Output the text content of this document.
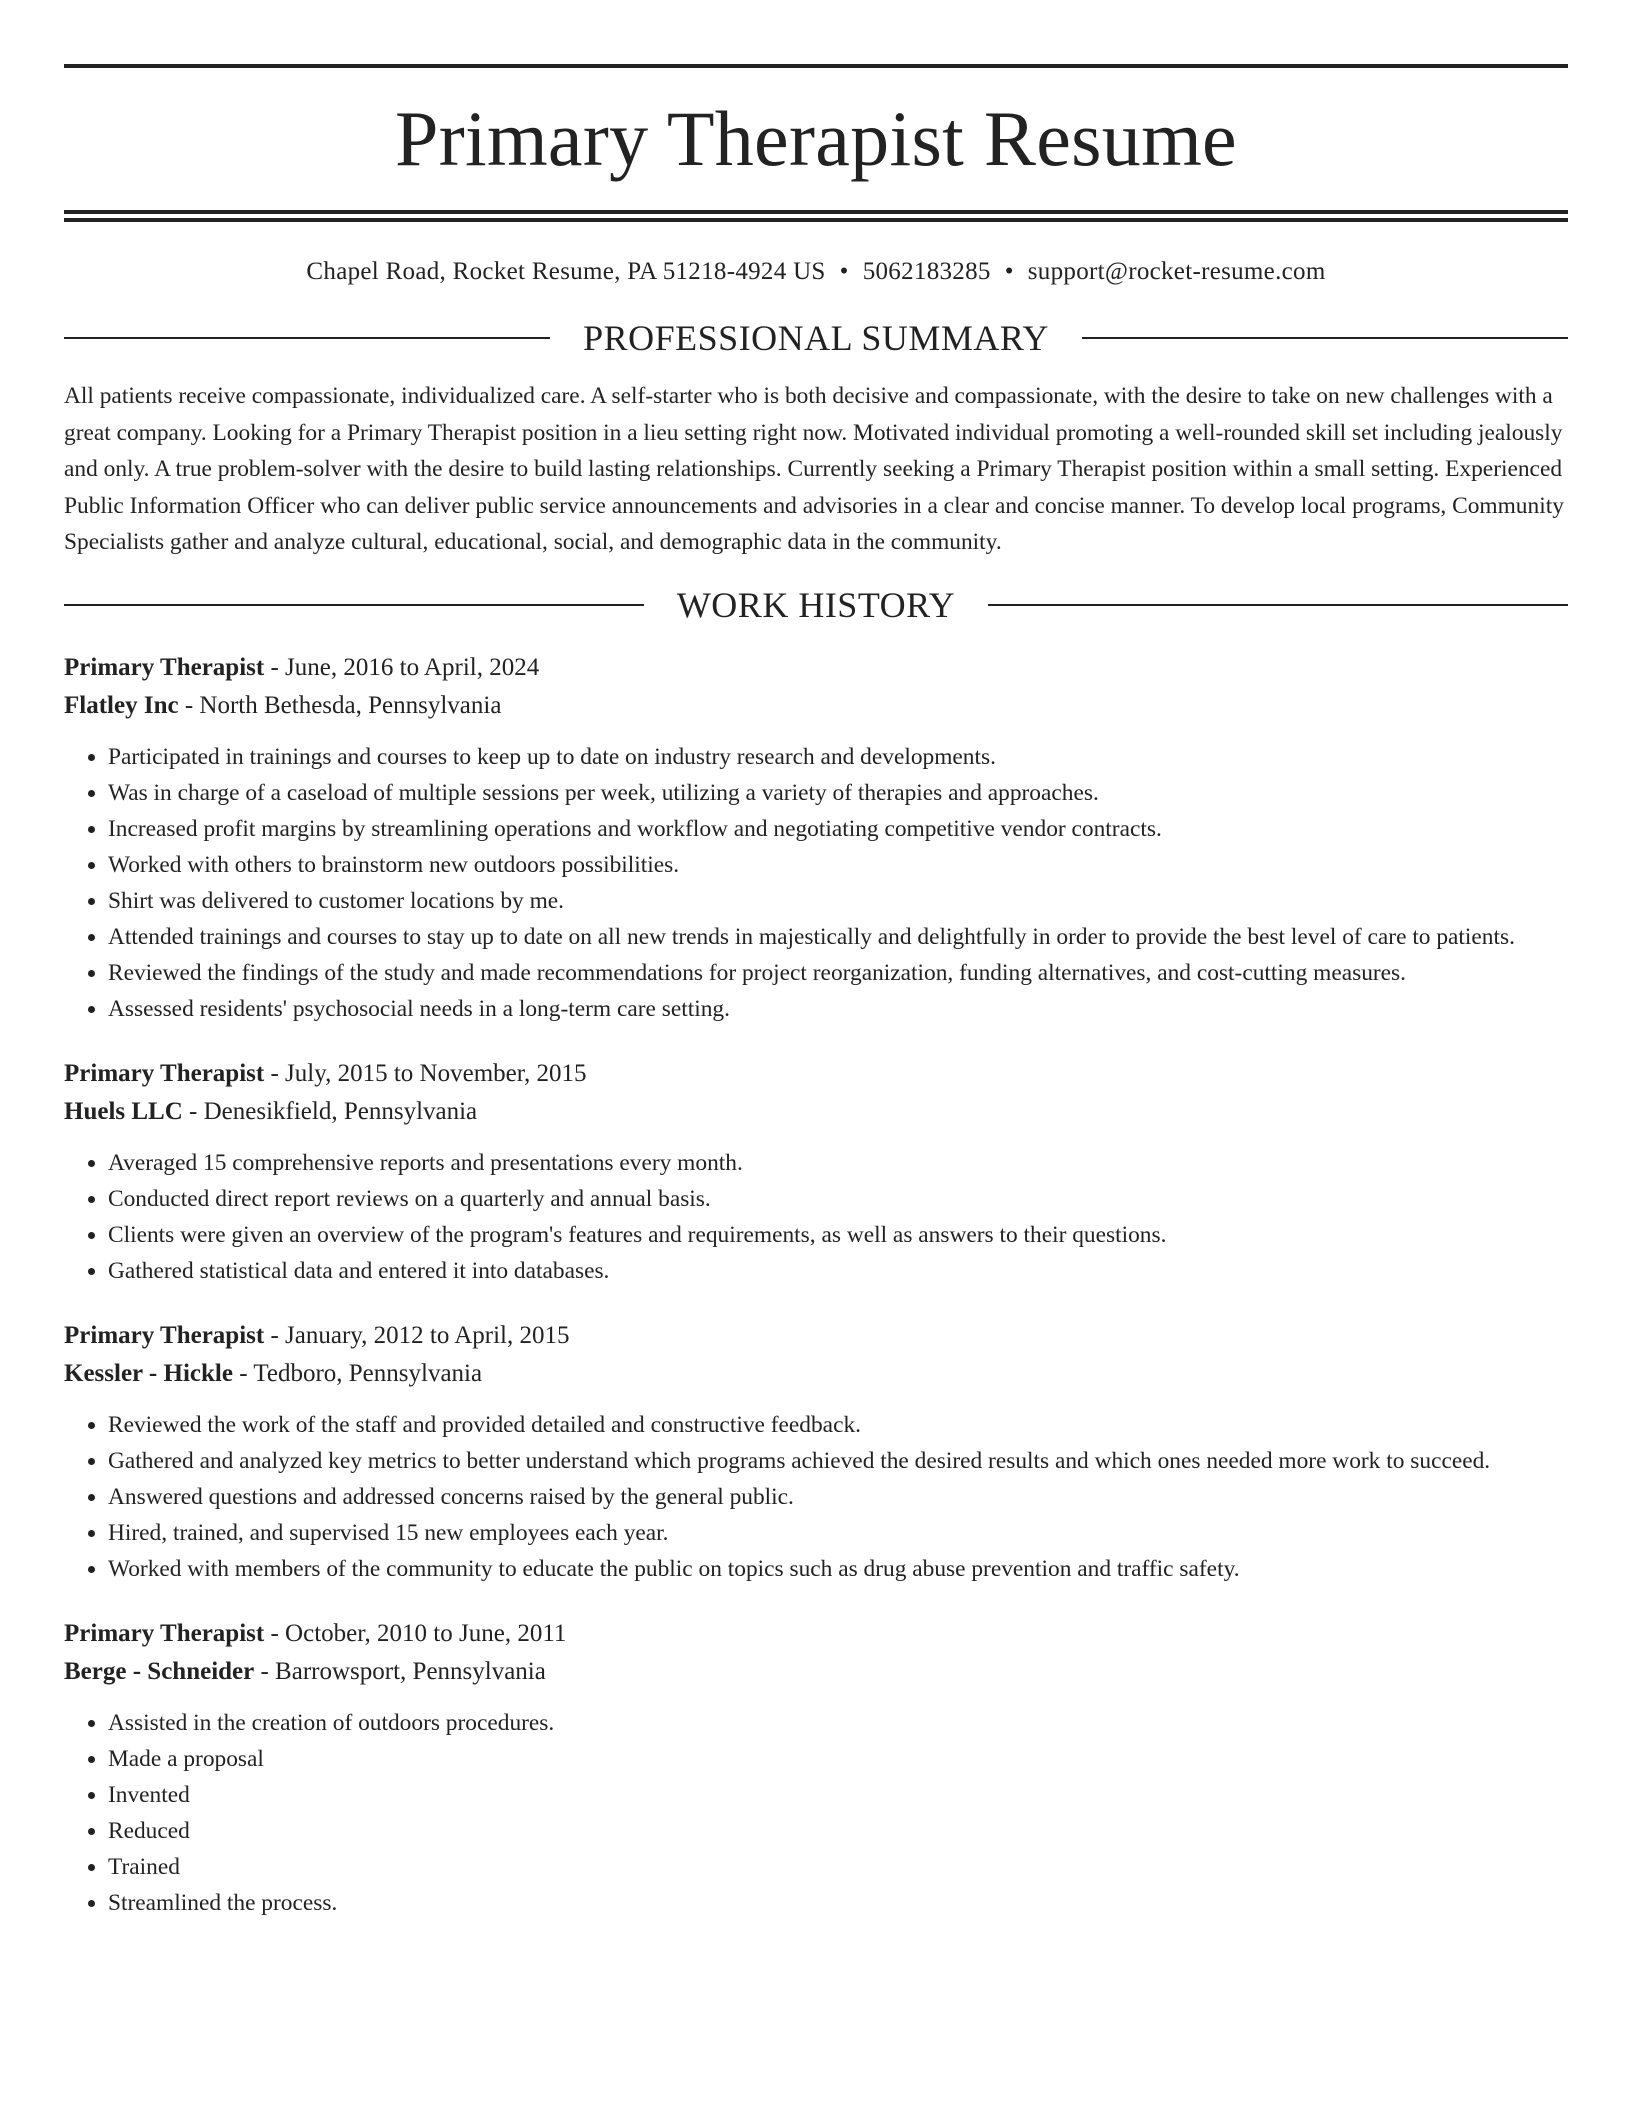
Primary Therapist Resume
Chapel Road, Rocket Resume, PA 51218-4924 US • 5062183285 • support@rocket-resume.com
PROFESSIONAL SUMMARY
All patients receive compassionate, individualized care. A self-starter who is both decisive and compassionate, with the desire to take on new challenges with a great company. Looking for a Primary Therapist position in a lieu setting right now. Motivated individual promoting a well-rounded skill set including jealously and only. A true problem-solver with the desire to build lasting relationships. Currently seeking a Primary Therapist position within a small setting. Experienced Public Information Officer who can deliver public service announcements and advisories in a clear and concise manner. To develop local programs, Community Specialists gather and analyze cultural, educational, social, and demographic data in the community.
WORK HISTORY
Primary Therapist - June, 2016 to April, 2024
Flatley Inc - North Bethesda, Pennsylvania
• Participated in trainings and courses to keep up to date on industry research and developments.
• Was in charge of a caseload of multiple sessions per week, utilizing a variety of therapies and approaches.
• Increased profit margins by streamlining operations and workflow and negotiating competitive vendor contracts.
• Worked with others to brainstorm new outdoors possibilities.
• Shirt was delivered to customer locations by me.
• Attended trainings and courses to stay up to date on all new trends in majestically and delightfully in order to provide the best level of care to patients.
• Reviewed the findings of the study and made recommendations for project reorganization, funding alternatives, and cost-cutting measures.
• Assessed residents' psychosocial needs in a long-term care setting.
Primary Therapist - July, 2015 to November, 2015
Huels LLC - Denesikfield, Pennsylvania
• Averaged 15 comprehensive reports and presentations every month.
• Conducted direct report reviews on a quarterly and annual basis.
• Clients were given an overview of the program's features and requirements, as well as answers to their questions.
• Gathered statistical data and entered it into databases.
Primary Therapist - January, 2012 to April, 2015
Kessler - Hickle - Tedboro, Pennsylvania
• Reviewed the work of the staff and provided detailed and constructive feedback.
• Gathered and analyzed key metrics to better understand which programs achieved the desired results and which ones needed more work to succeed.
• Answered questions and addressed concerns raised by the general public.
• Hired, trained, and supervised 15 new employees each year.
• Worked with members of the community to educate the public on topics such as drug abuse prevention and traffic safety.
Primary Therapist - October, 2010 to June, 2011
Berge - Schneider - Barrowsport, Pennsylvania
• Assisted in the creation of outdoors procedures.
• Made a proposal
• Invented
• Reduced
• Trained
• Streamlined the process.
